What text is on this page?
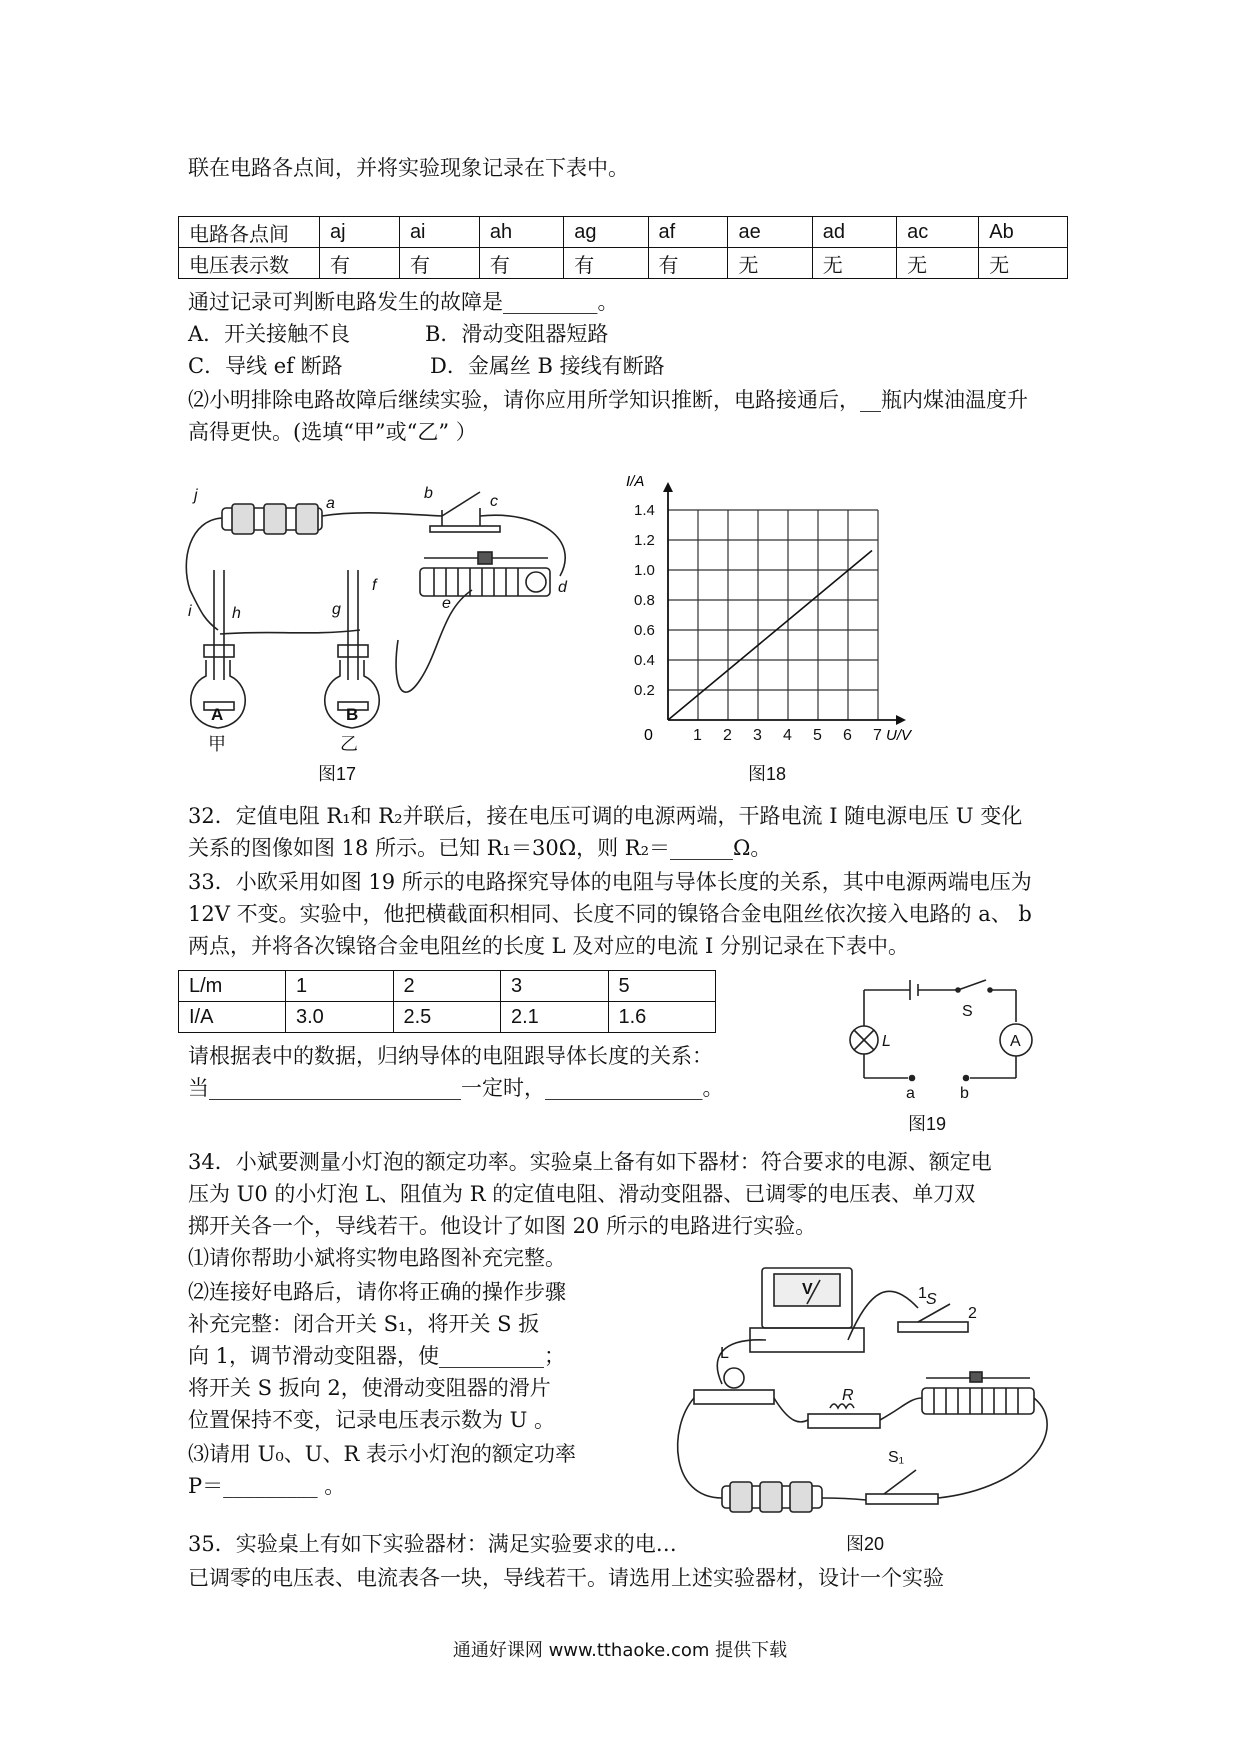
联在电路各点间，并将实验现象记录在下表中。
电路各点间	aj	ai	ah	ag	af	ae	ad	ac	Ab
电压表示数	有	有	有	有	有	无	无	无	无
通过记录可判断电路发生的故障是_________。
A．开关接触不良	B．滑动变阻器短路
C．导线 ef 断路	D．金属丝 B 接线有断路
⑵小明排除电路故障后继续实验，请你应用所学知识推断，电路接通后，__瓶内煤油温度升
高得更快。(选填“甲”或“乙” ）
j	a
b	c
d
e
f
g
h
i
A	B
甲	乙
图17
1 2 3 4 5 6 7
0.2
0.4
0.6
0.8
1.0
1.2
1.4
I/A
U/V
0
图18
32．定值电阻 R₁和 R₂并联后，接在电压可调的电源两端，干路电流 I 随电源电压 U 变化
关系的图像如图 18 所示。已知 R₁＝30Ω，则 R₂＝______Ω。
33．小欧采用如图 19 所示的电路探究导体的电阻与导体长度的关系，其中电源两端电压为
12V 不变。实验中，他把横截面积相同、长度不同的镍铬合金电阻丝依次接入电路的 a、 b
两点，并将各次镍铬合金电阻丝的长度 L 及对应的电流 I 分别记录在下表中。
L/m	1	2	3	5
I/A	3.0	2.5	2.1	1.6
请根据表中的数据，归纳导体的电阻跟导体长度的关系：
当________________________一定时，_______________。
L
S
A
a	b
图19
34．小斌要测量小灯泡的额定功率。实验桌上备有如下器材：符合要求的电源、额定电
压为 U0 的小灯泡 L、阻值为 R 的定值电阻、滑动变阻器、已调零的电压表、单刀双
掷开关各一个，导线若干。他设计了如图 20 所示的电路进行实验。
⑴请你帮助小斌将实物电路图补充完整。
⑵连接好电路后，请你将正确的操作步骤
补充完整：闭合开关 S₁，将开关 S 扳
向 1，调节滑动变阻器，使__________；
将开关 S 扳向 2，使滑动变阻器的滑片
位置保持不变，记录电压表示数为 U 。
⑶请用 U₀、U、R 表示小灯泡的额定功率
P＝_________ 。
V
L
R
S
1
2
S₁
图20
35．实验桌上有如下实验器材：满足实验要求的电…
已调零的电压表、电流表各一块，导线若干。请选用上述实验器材，设计一个实验
通通好课网 www.tthaoke.com 提供下载
